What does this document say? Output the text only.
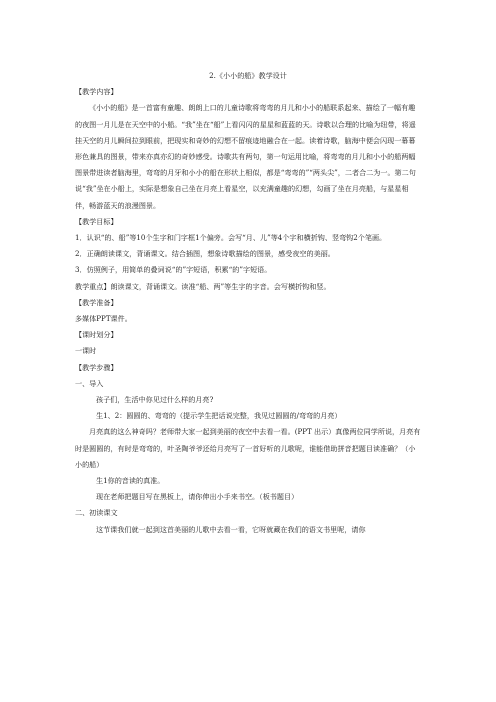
2.《小小的船》教学设计

【教学内容】

《小小的船》是一首富有童趣、朗朗上口的儿童诗歌将弯弯的月儿和小小的船联系起来、描绘了一幅有趣的夜图一月儿是在天空中的小船。“我”坐在“船”上看闪闪的星星和蓝蓝的天。诗歌以合理的比喻为纽带，将遥挂天空的月儿瞬间拉到眼前，把现实和奇妙的幻想不留痕迹地融合在一起。读着诗歌，脑海中便会闪现一幕幕形色兼具的图景，带来亦真亦幻的奇妙感受。诗歌共有两句，第一句运用比喻，将弯弯的月儿和小小的船两幅图景带进读者脑海里，弯弯的月牙和小小的船在形状上相似，都是“弯弯的”“两头尖”，二者合二为一。第二句说“我”坐在小船上，实际是想象自己坐在月亮上看星空，以充满童趣的幻想，勾画了坐在月亮船，与星星相伴，畅游蓝天的浪漫图景。

【教学目标】

1．认识“的、船”等10个生字和门字框1个偏旁。会写“月、儿”等4个字和横折钩、竖弯钩2个笔画。

2．正确朗读课文，背诵课文。结合插图，想象诗歌描绘的图景，感受夜空的美丽。

3．仿照例子，用简单的叠词说“的”字短语，积累“的”字短语。

教学重点】朗读课文，背诵课文。读准“船、两”等生字的字音。会写横折钩和竖。

【教学准备】

多媒体PPT课件。

【课时划分】

一课时

【教学步骤】

一、导入

孩子们，生活中你见过什么样的月亮?

生1、2：圆圆的、弯弯的（提示学生把话说完整，我见过圆圆的/弯弯的月亮）

月亮真的这么神奇吗？老师带大家一起到美丽的夜空中去看一看。(PPT 出示）真像两位同学所说，月亮有时是圆圆的，有时是弯弯的，叶圣陶爷爷还给月亮写了一首好听的儿歌呢，谁能借助拼音把题目读准确？（小小的船）

生1你的音读的真准。

现在老师把题目写在黑板上，请你伸出小手来书空。（板书题目）

二、初读课文

这节课我们就一起到这首美丽的儿歌中去看一看，它呀就藏在我们的语文书里呢，请你
